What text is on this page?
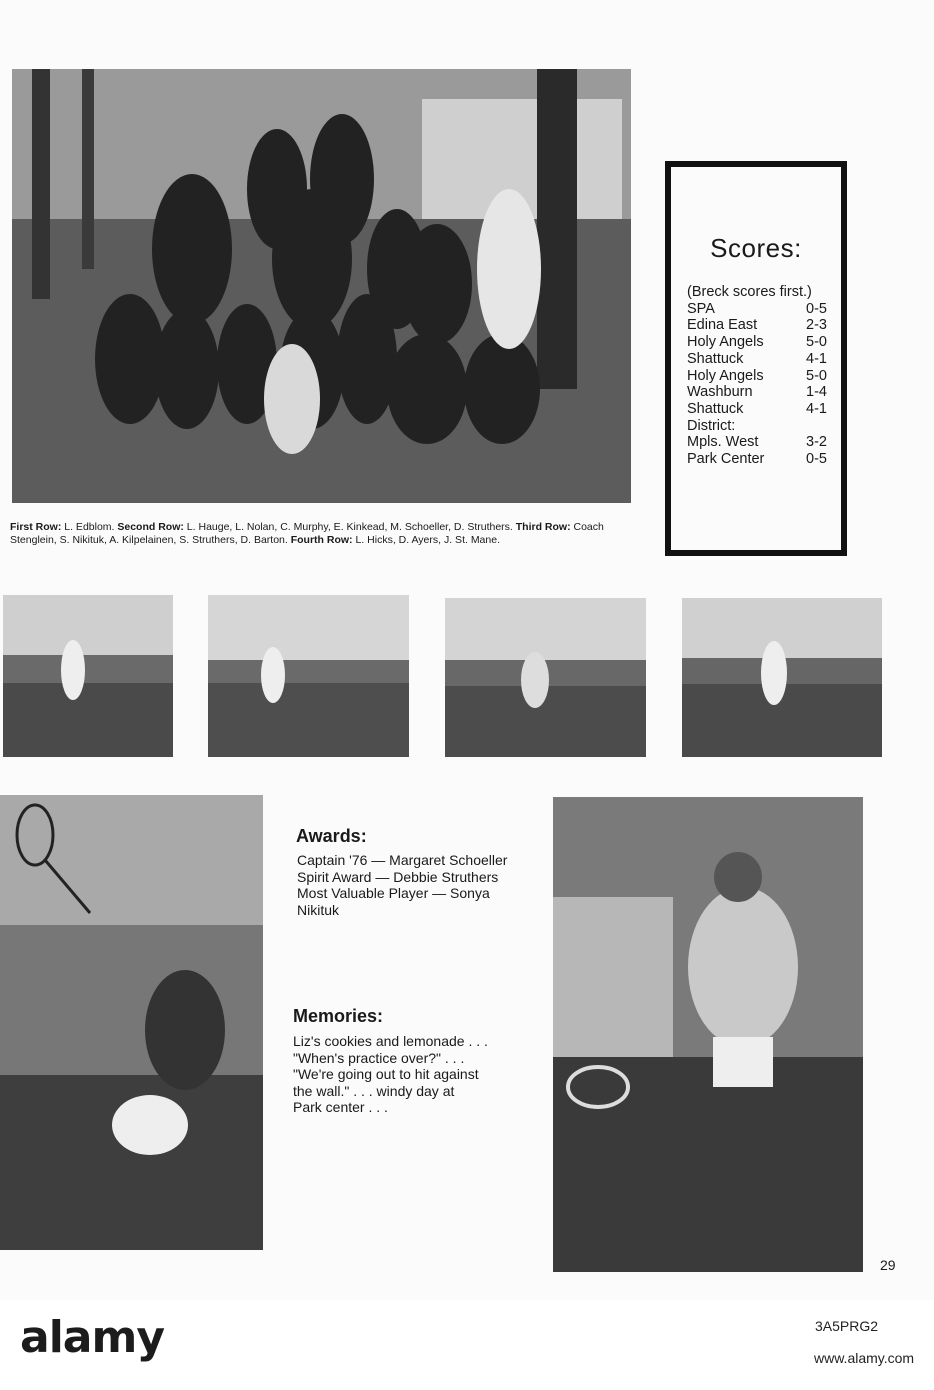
First Row: L. Edblom. Second Row: L. Hauge, L. Nolan, C. Murphy, E. Kinkead, M. Schoeller, D. Struthers. Third Row: Coach Stenglein, S. Nikituk, A. Kilpelainen, S. Struthers, D. Barton. Fourth Row: L. Hicks, D. Ayers, J. St. Mane.
Scores:
(Breck scores first.)
SPA	0-5
Edina East	2-3
Holy Angels	5-0
Shattuck	4-1
Holy Angels	5-0
Washburn	1-4
Shattuck	4-1
District:
Mpls. West	3-2
Park Center	0-5
Awards:
Captain '76 — Margaret Schoeller
Spirit Award — Debbie Struthers
Most Valuable Player — Sonya
Nikituk
Memories:
Liz's cookies and lemonade . . .
"When's practice over?" . . .
"We're going out to hit against
the wall." . . . windy day at
Park center . . .
29
alamy	3A5PRG2
www.alamy.com
